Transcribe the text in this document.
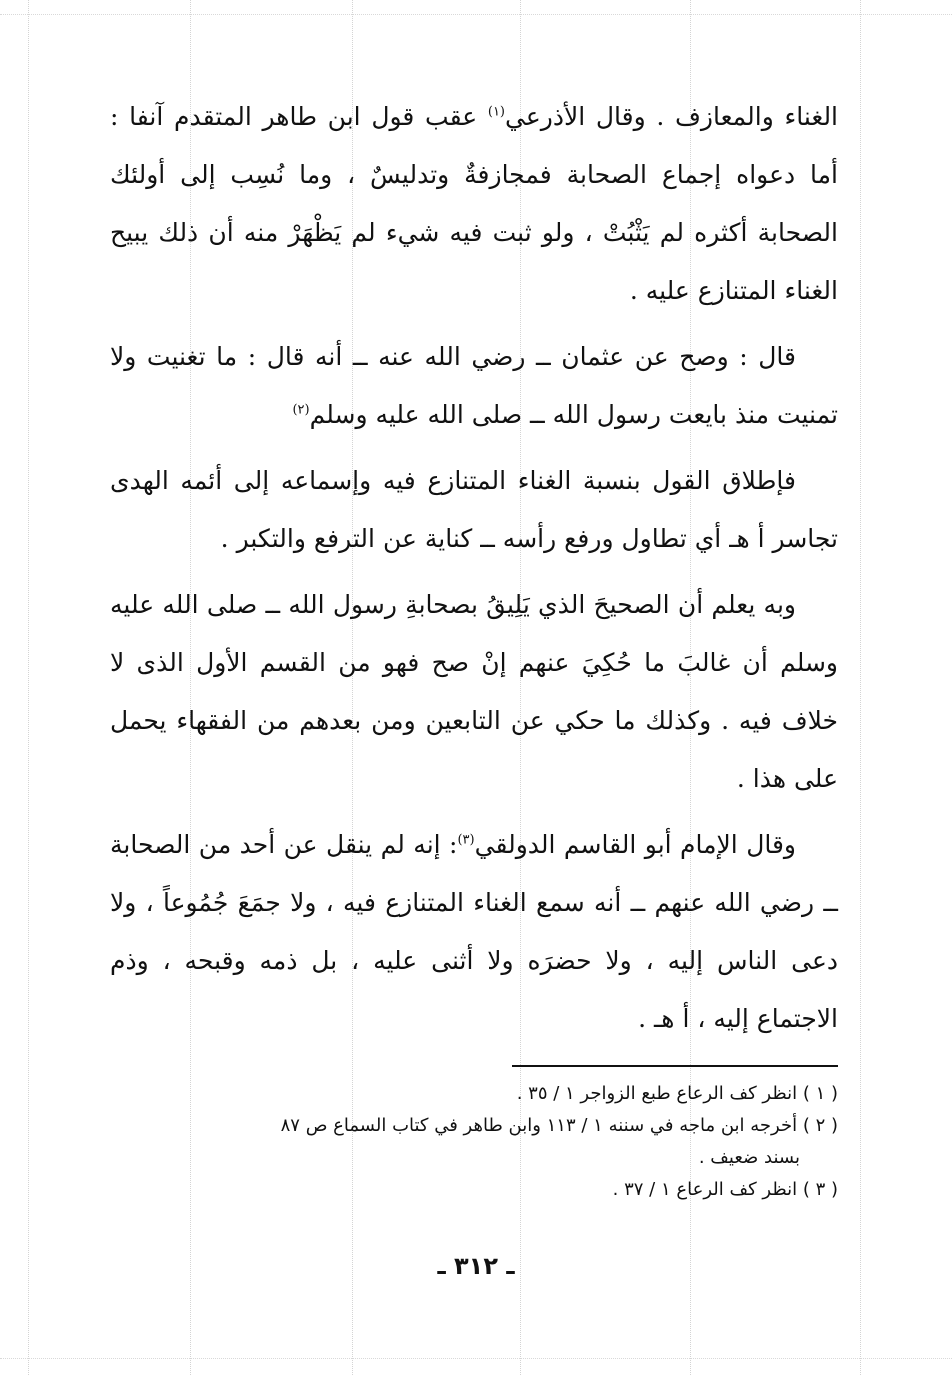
الغناء والمعازف . وقال الأذرعي$^{(١)}$ عقب قول ابن طاهر المتقدم آنفا : أما دعواه إجماع الصحابة فمجازفةٌ وتدليسٌ ، وما نُسِب إلى أولئك الصحابة أكثره لم يَثْبُتْ ، ولو ثبت فيه شيء لم يَظْهَرْ منه أن ذلك يبيح الغناء المتنازع عليه .

قال : وصح عن عثمان ــ رضي الله عنه ــ أنه قال : ما تغنيت ولا تمنيت منذ بايعت رسول الله ــ صلى الله عليه وسلم$^{(٢)}$

فإطلاق القول بنسبة الغناء المتنازع فيه وإسماعه إلى أئمه الهدى تجاسر أ هـ أي تطاول ورفع رأسه ــ كناية عن الترفع والتكبر .

وبه يعلم أن الصحيحَ الذي يَلِيقُ بصحابةِ رسول الله ــ صلى الله عليه وسلم أن غالبَ ما حُكِيَ عنهم إنْ صح فهو من القسم الأول الذى لا خلاف فيه . وكذلك ما حكي عن التابعين ومن بعدهم من الفقهاء يحمل على هذا .

وقال الإمام أبو القاسم الدولقي$^{(٣)}$: إنه لم ينقل عن أحد من الصحابة ــ رضي الله عنهم ــ أنه سمع الغناء المتنازع فيه ، ولا جمَعَ جُمُوعاً ، ولا دعى الناس إليه ، ولا حضرَه ولا أثنى عليه ، بل ذمه وقبحه ، وذم الاجتماع إليه ، أ هـ .

( ١ ) انظر كف الرعاع طبع الزواجر ١ / ٣٥ .

( ٢ ) أخرجه ابن ماجه في سننه ١ / ١١٣ وابن طاهر في كتاب السماع ص ٨٧
بسند ضعيف .

( ٣ ) انظر كف الرعاع ١ / ٣٧ .

ـ ٣١٢ ـ
